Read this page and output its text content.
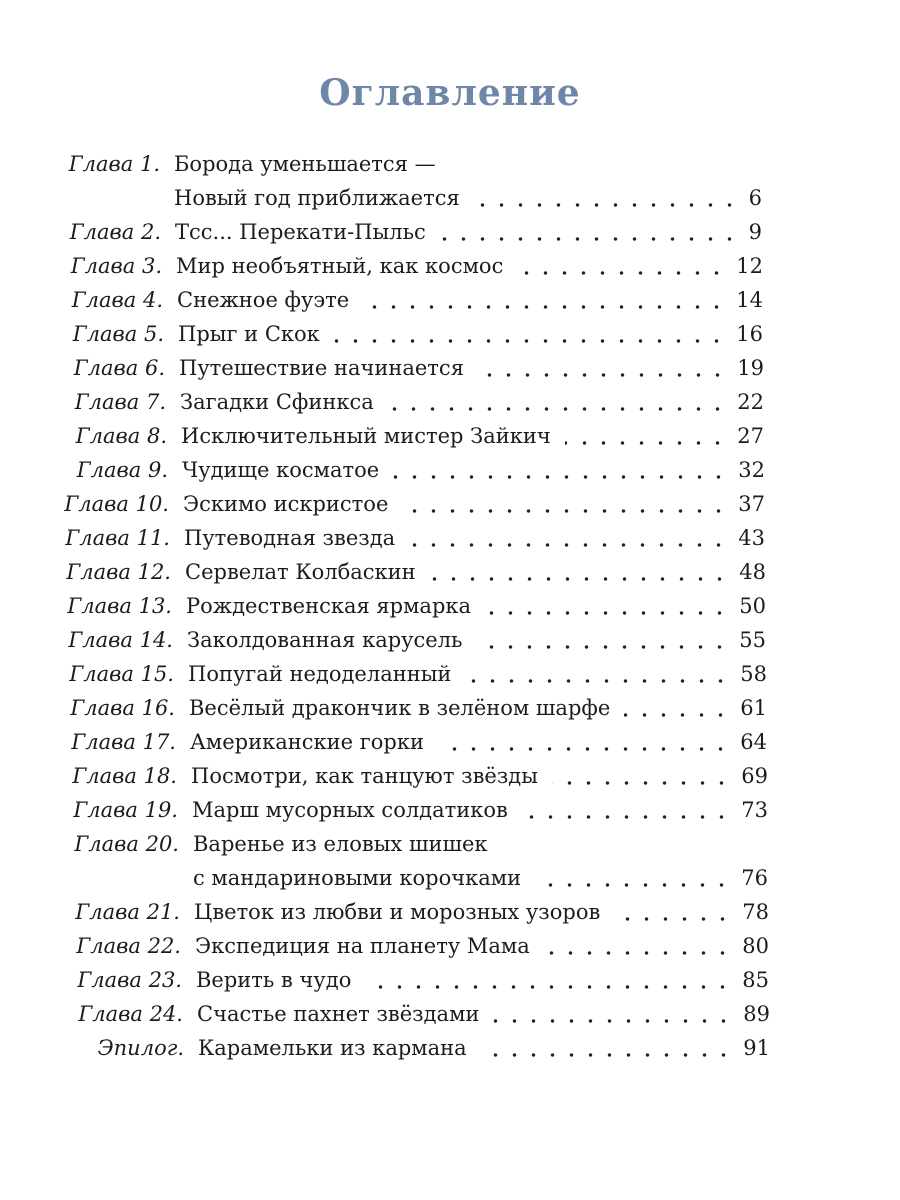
Оглавление
Глава 1. Борода уменьшается —
Новый год приближается	6
Глава 2. Тсс... Перекати-Пыльс	9
Глава 3. Мир необъятный, как космос	12
Глава 4. Снежное фуэте	14
Глава 5. Прыг и Скок	16
Глава 6. Путешествие начинается	19
Глава 7. Загадки Сфинкса	22
Глава 8. Исключительный мистер Зайкич	27
Глава 9. Чудище косматое	32
Глава 10. Эскимо искристое	37
Глава 11. Путеводная звезда	43
Глава 12. Сервелат Колбаскин	48
Глава 13. Рождественская ярмарка	50
Глава 14. Заколдованная карусель	55
Глава 15. Попугай недоделанный	58
Глава 16. Весёлый дракончик в зелёном шарфе	61
Глава 17. Американские горки	64
Глава 18. Посмотри, как танцуют звёзды	69
Глава 19. Марш мусорных солдатиков	73
Глава 20. Варенье из еловых шишек
с мандариновыми корочками	76
Глава 21. Цветок из любви и морозных узоров	78
Глава 22. Экспедиция на планету Мама	80
Глава 23. Верить в чудо	85
Глава 24. Счастье пахнет звёздами	89
Эпилог. Карамельки из кармана	91
